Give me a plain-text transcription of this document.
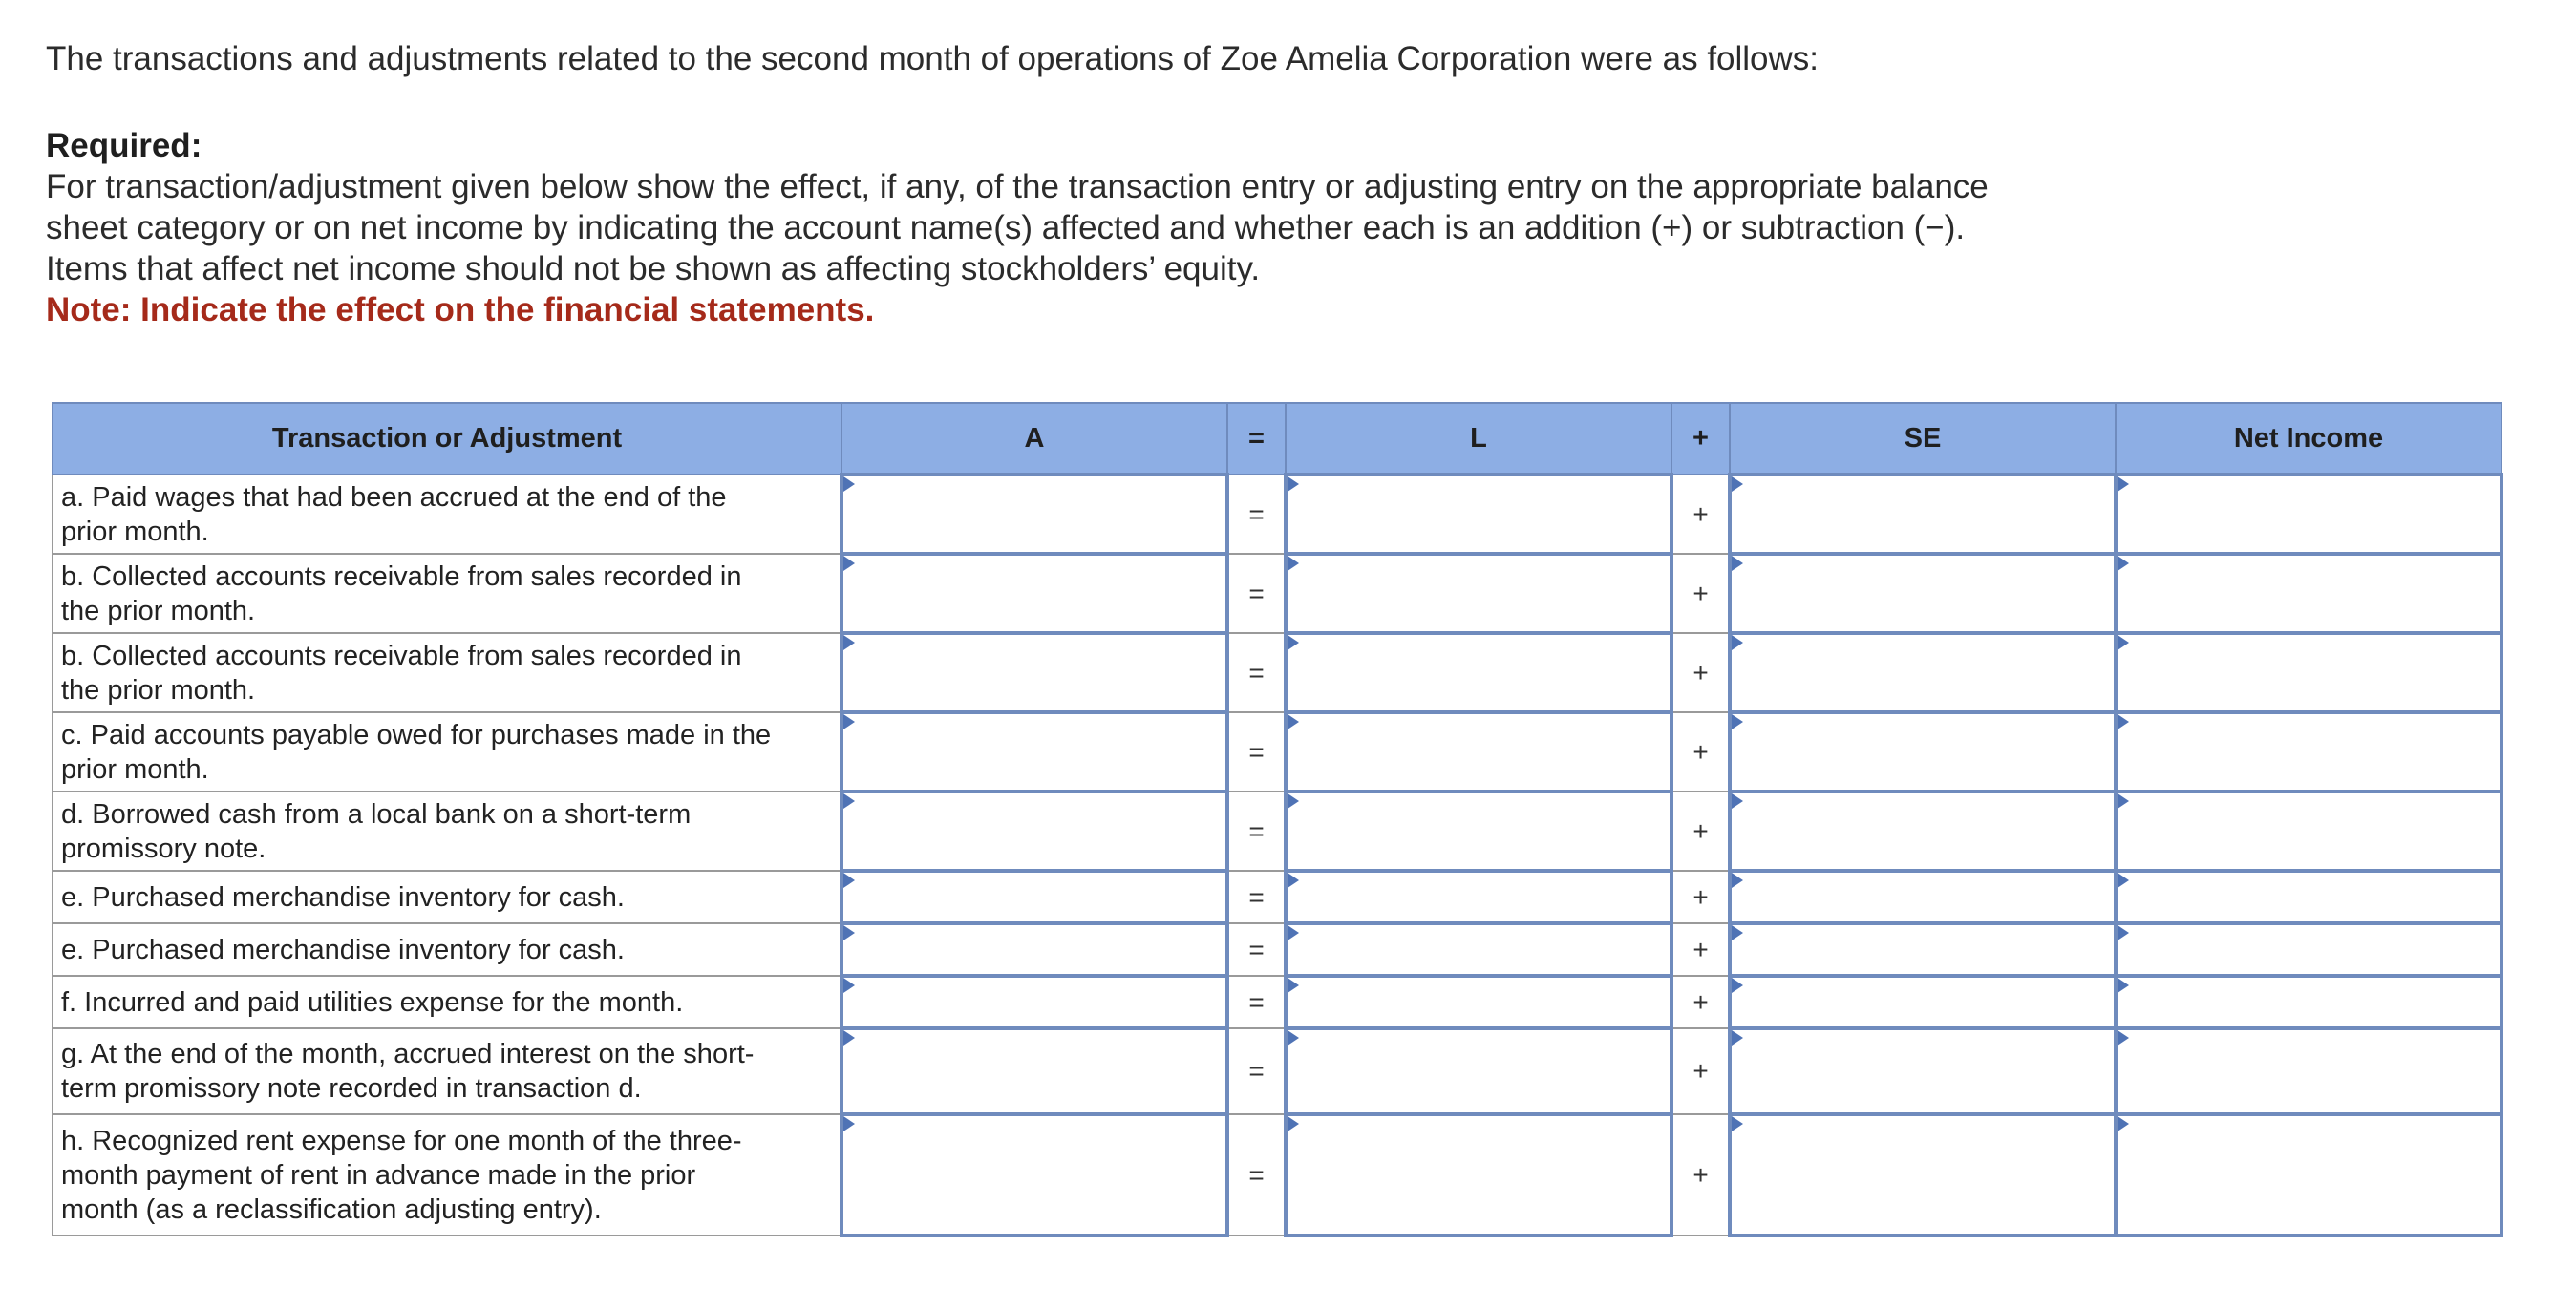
The transactions and adjustments related to the second month of operations of Zoe Amelia Corporation were as follows:

Required:

For transaction/adjustment given below show the effect, if any, of the transaction entry or adjusting entry on the appropriate balance

sheet category or on net income by indicating the account name(s) affected and whether each is an addition (+) or subtraction (−).

Items that affect net income should not be shown as affecting stockholders’ equity.

Note: Indicate the effect on the financial statements.

Transaction or Adjustment	A	=	L	+	SE	Net Income

a. Paid wages that had been accrued at the end of the
prior month.		=		+	

b. Collected accounts receivable from sales recorded in
the prior month.		=		+	

b. Collected accounts receivable from sales recorded in
the prior month.		=		+	

c. Paid accounts payable owed for purchases made in the
prior month.		=		+	

d. Borrowed cash from a local bank on a short-term
promissory note.		=		+	

e. Purchased merchandise inventory for cash.		=		+	

e. Purchased merchandise inventory for cash.		=		+	

f. Incurred and paid utilities expense for the month.		=		+	

g. At the end of the month, accrued interest on the short-
term promissory note recorded in transaction d.		=		+	

h. Recognized rent expense for one month of the three-
month payment of rent in advance made in the prior
month (as a reclassification adjusting entry).		=		+	
